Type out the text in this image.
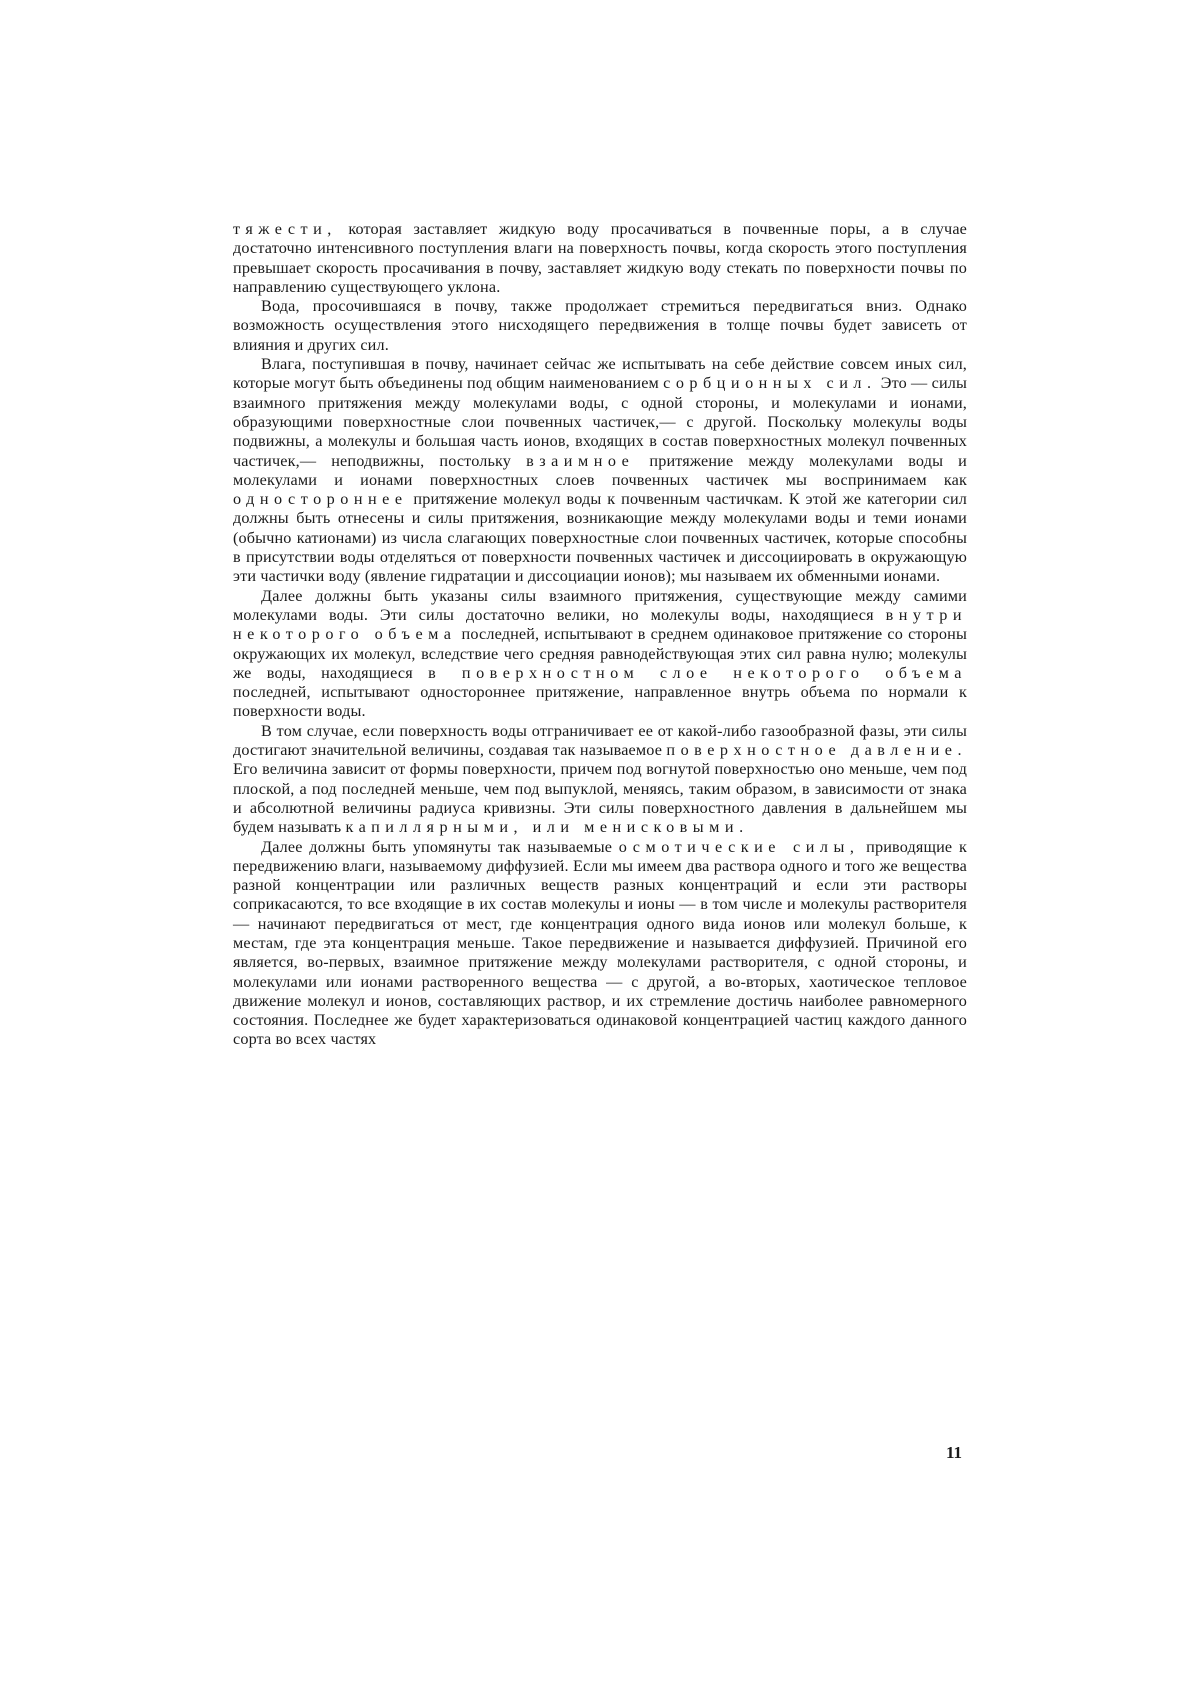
тяжести, которая заставляет жидкую воду просачиваться в почвенные поры, а в случае достаточно интенсивного поступления влаги на поверхность почвы, когда скорость этого поступления превышает скорость просачивания в почву, заставляет жидкую воду стекать по поверхности почвы по направлению существующего уклона.

Вода, просочившаяся в почву, также продолжает стремиться передвигаться вниз. Однако возможность осуществления этого нисходящего передвижения в толще почвы будет зависеть от влияния и других сил.

Влага, поступившая в почву, начинает сейчас же испытывать на себе действие совсем иных сил, которые могут быть объединены под общим наименованием сорбционных сил. Это — силы взаимного притяжения между молекулами воды, с одной стороны, и молекулами и ионами, образующими поверхностные слои почвенных частичек,— с другой. Поскольку молекулы воды подвижны, а молекулы и большая часть ионов, входящих в состав поверхностных молекул почвенных частичек,— неподвижны, постольку взаимное притяжение между молекулами воды и молекулами и ионами поверхностных слоев почвенных частичек мы воспринимаем как одностороннее притяжение молекул воды к почвенным частичкам. К этой же категории сил должны быть отнесены и силы притяжения, возникающие между молекулами воды и теми ионами (обычно катионами) из числа слагающих поверхностные слои почвенных частичек, которые способны в присутствии воды отделяться от поверхности почвенных частичек и диссоциировать в окружающую эти частички воду (явление гидратации и диссоциации ионов); мы называем их обменными ионами.

Далее должны быть указаны силы взаимного притяжения, существующие между самими молекулами воды. Эти силы достаточно велики, но молекулы воды, находящиеся внутри некоторого объема последней, испытывают в среднем одинаковое притяжение со стороны окружающих их молекул, вследствие чего средняя равнодействующая этих сил равна нулю; молекулы же воды, находящиеся в поверхностном слое некоторого объема последней, испытывают одностороннее притяжение, направленное внутрь объема по нормали к поверхности воды.

В том случае, если поверхность воды отграничивает ее от какой-либо газообразной фазы, эти силы достигают значительной величины, создавая так называемое поверхностное давление. Его величина зависит от формы поверхности, причем под вогнутой поверхностью оно меньше, чем под плоской, а под последней меньше, чем под выпуклой, меняясь, таким образом, в зависимости от знака и абсолютной величины радиуса кривизны. Эти силы поверхностного давления в дальнейшем мы будем называть капиллярными, или менисковыми.

Далее должны быть упомянуты так называемые осмотические силы, приводящие к передвижению влаги, называемому диффузией. Если мы имеем два раствора одного и того же вещества разной концентрации или различных веществ разных концентраций и если эти растворы соприкасаются, то все входящие в их состав молекулы и ионы — в том числе и молекулы растворителя — начинают передвигаться от мест, где концентрация одного вида ионов или молекул больше, к местам, где эта концентрация меньше. Такое передвижение и называется диффузией. Причиной его является, во-первых, взаимное притяжение между молекулами растворителя, с одной стороны, и молекулами или ионами растворенного вещества — с другой, а во-вторых, хаотическое тепловое движение молекул и ионов, составляющих раствор, и их стремление достичь наиболее равномерного состояния. Последнее же будет характеризоваться одинаковой концентрацией частиц каждого данного сорта во всех частях

11
